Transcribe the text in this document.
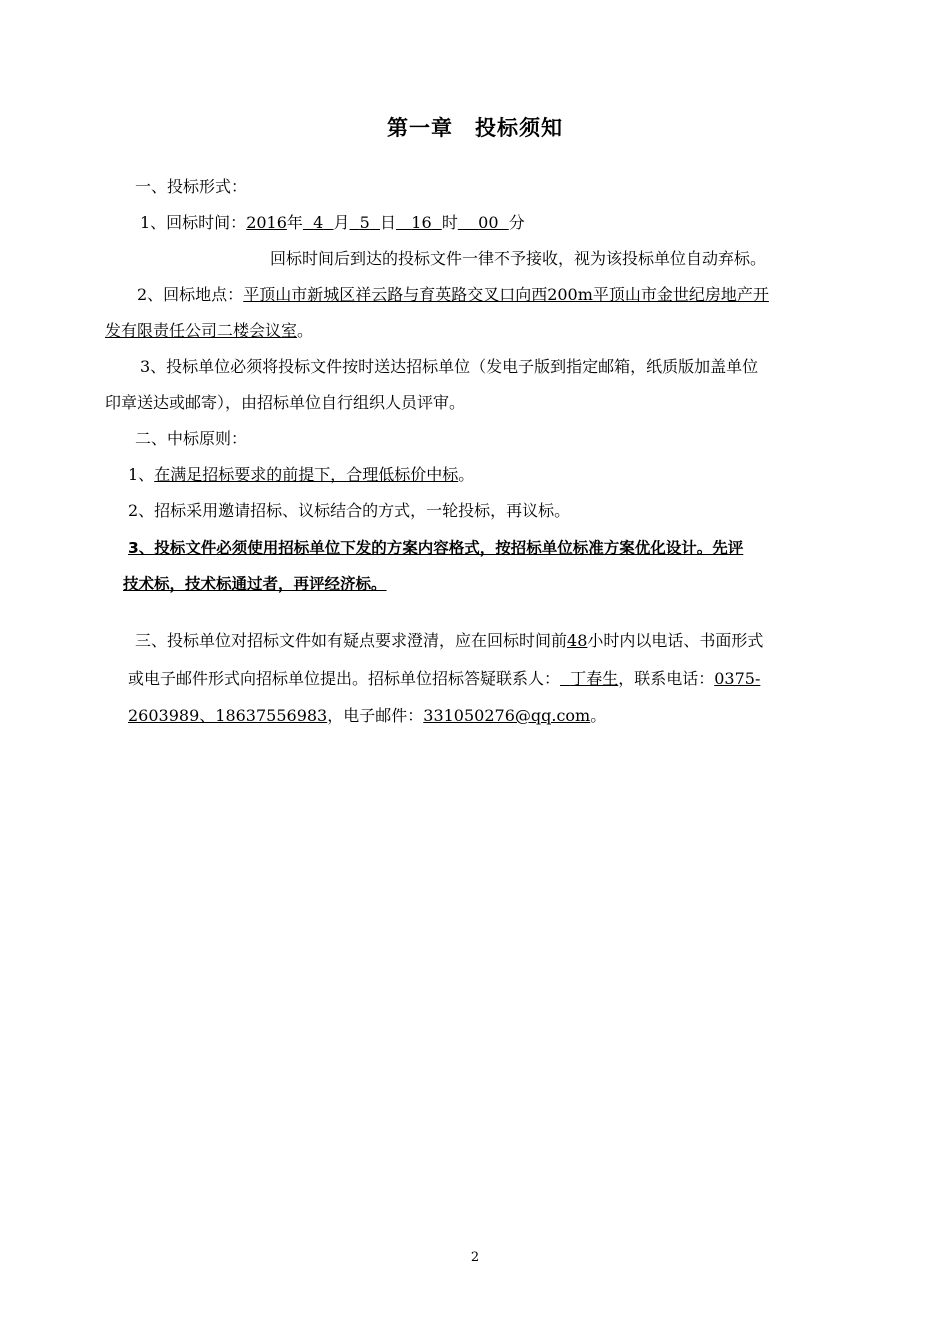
第一章　投标须知
一、投标形式：
1、回标时间：2016年 4 月 5 日 16 时 00 分
回标时间后到达的投标文件一律不予接收，视为该投标单位自动弃标。
2、回标地点：平顶山市新城区祥云路与育英路交叉口向西200m平顶山市金世纪房地产开
发有限责任公司二楼会议室。
3、投标单位必须将投标文件按时送达招标单位（发电子版到指定邮箱，纸质版加盖单位
印章送达或邮寄），由招标单位自行组织人员评审。
二、中标原则：
1、在满足招标要求的前提下，合理低标价中标。
2、招标采用邀请招标、议标结合的方式，一轮投标，再议标。
3、投标文件必须使用招标单位下发的方案内容格式，按招标单位标准方案优化设计。先评
技术标，技术标通过者，再评经济标。
三、投标单位对招标文件如有疑点要求澄清，应在回标时间前48小时内以电话、书面形式
或电子邮件形式向招标单位提出。招标单位招标答疑联系人： 丁春生，联系电话：0375-
2603989、18637556983，电子邮件：331050276@qq.com。
2
